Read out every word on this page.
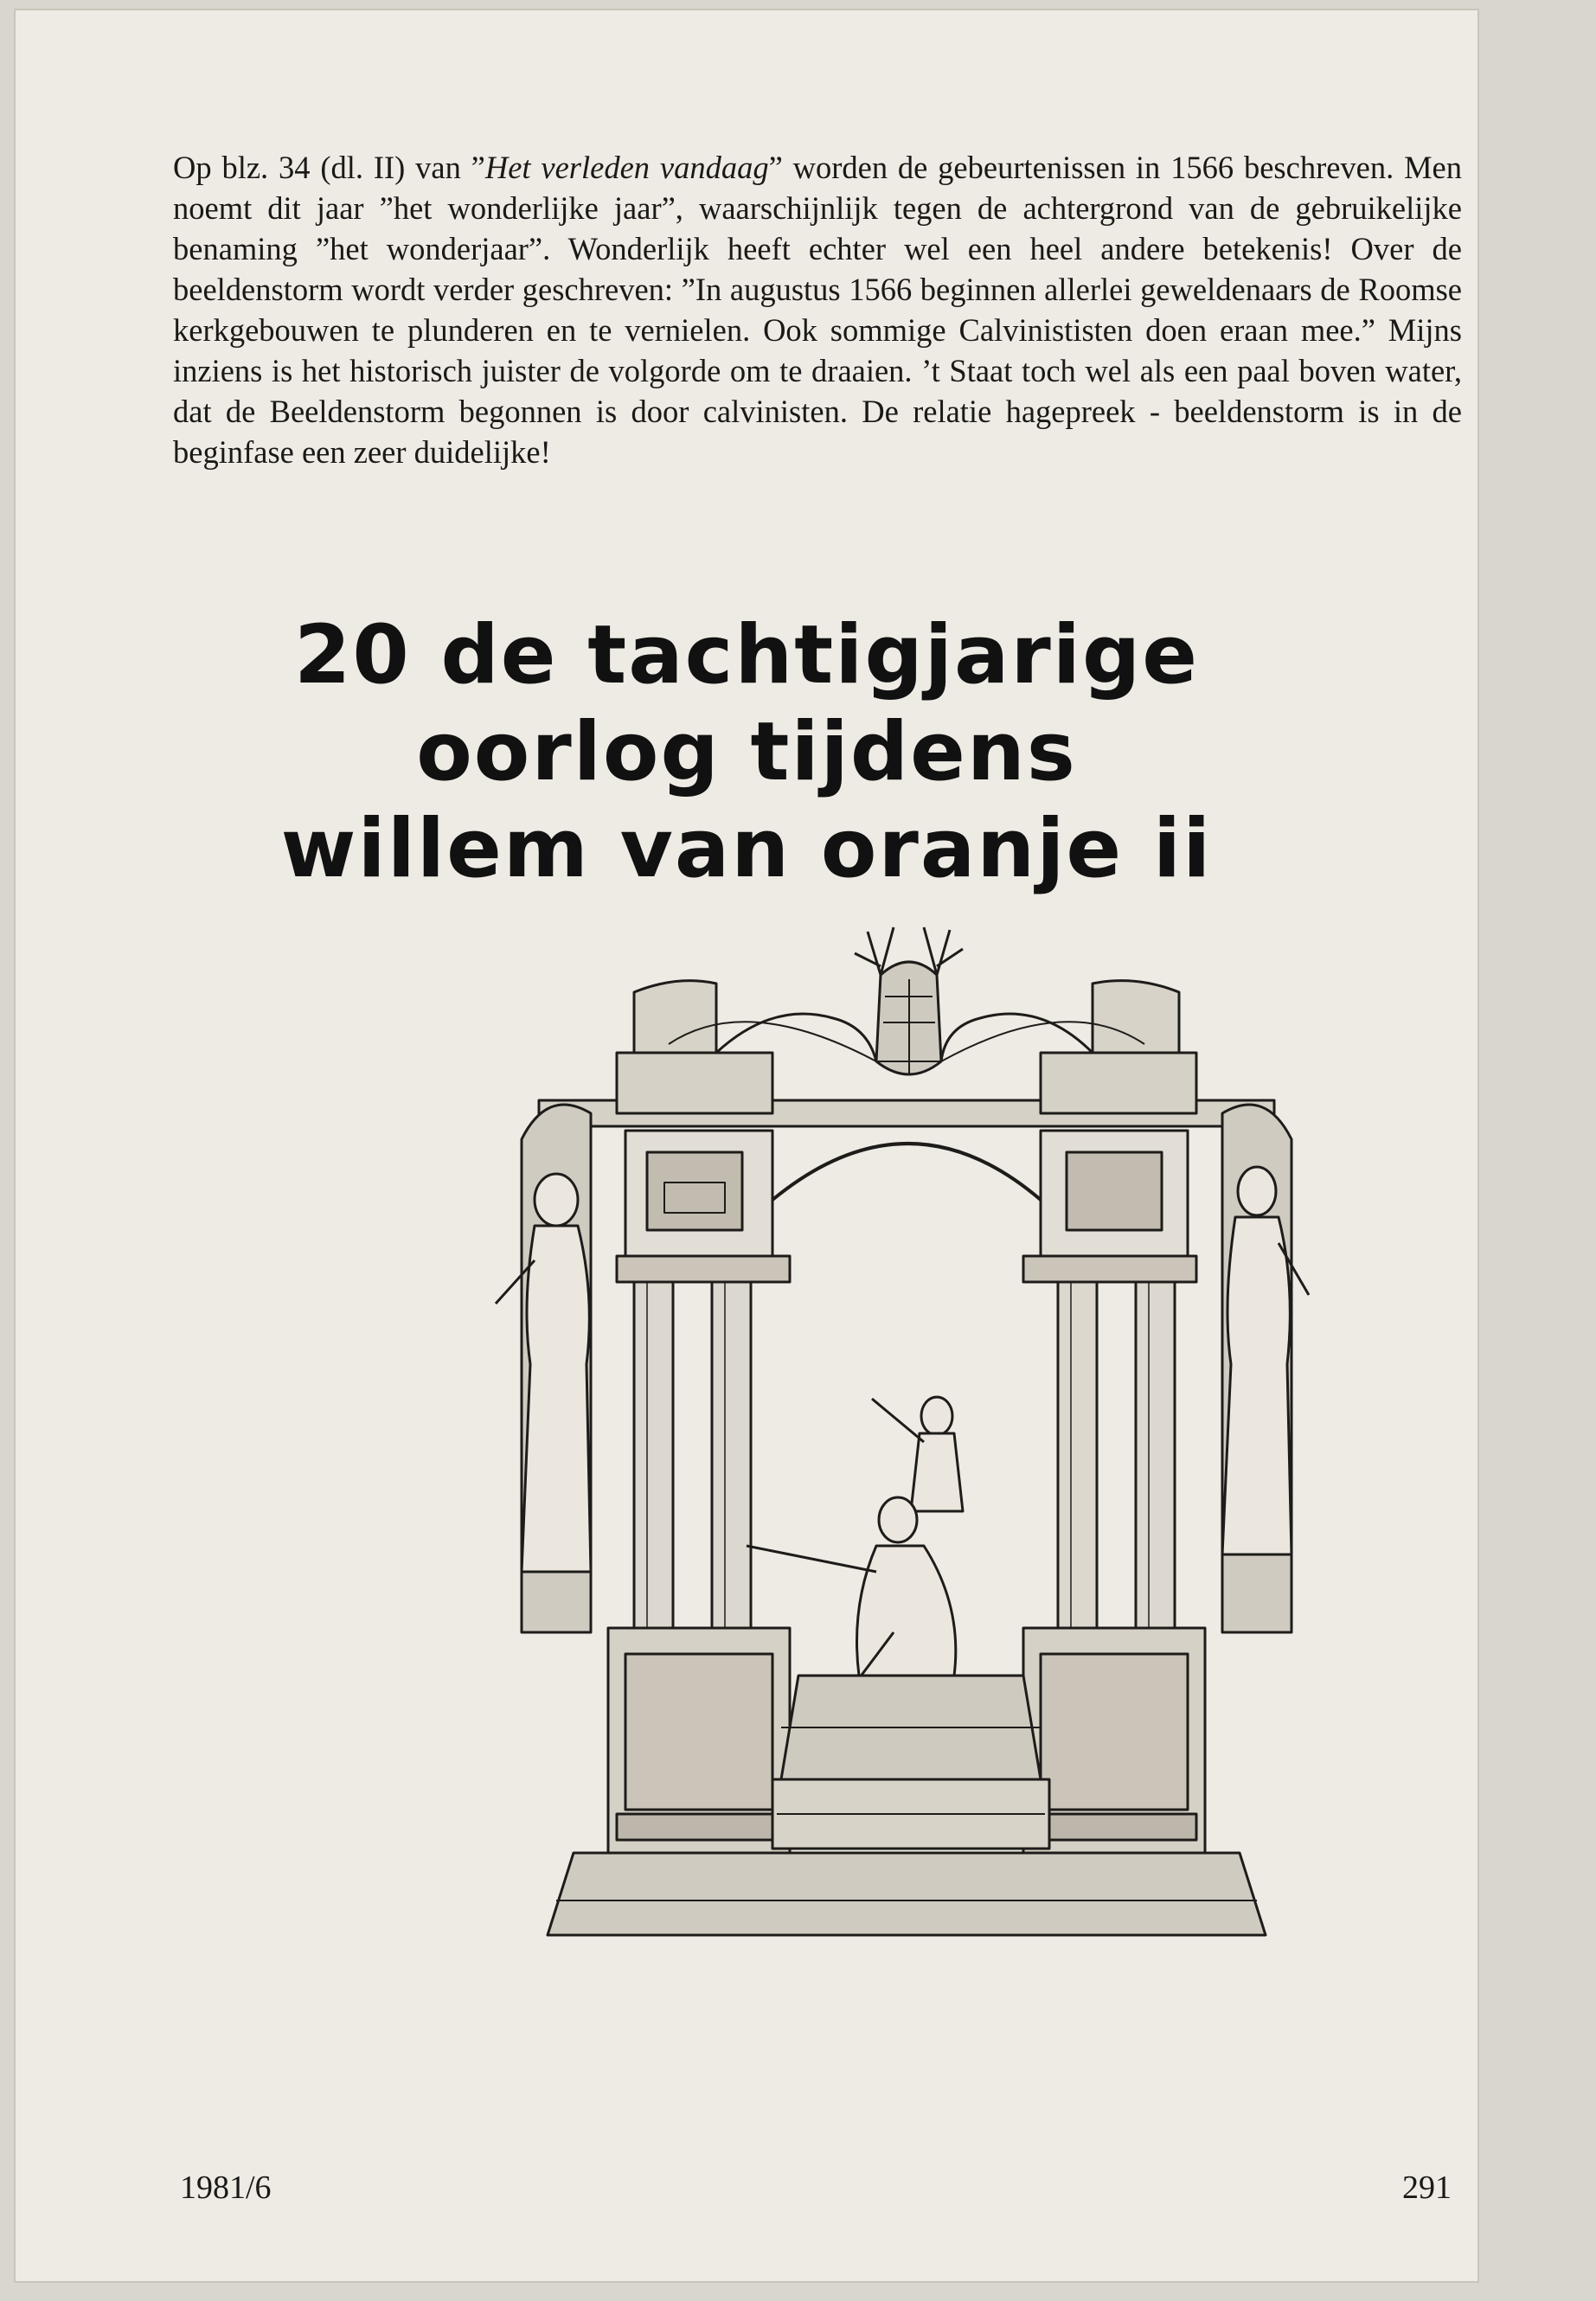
Op blz. 34 (dl. II) van ”Het verleden vandaag” worden de gebeurtenissen in 1566 beschreven. Men noemt dit jaar ”het wonderlijke jaar”, waarschijnlijk tegen de achtergrond van de gebruikelijke benaming ”het wonderjaar”. Wonderlijk heeft echter wel een heel andere betekenis! Over de beeldenstorm wordt verder geschreven: ”In augustus 1566 beginnen allerlei geweldenaars de Roomse kerkgebouwen te plunderen en te vernielen. Ook sommige Calvinististen doen eraan mee.” Mijns inziens is het historisch juister de volgorde om te draaien. ’t Staat toch wel als een paal boven water, dat de Beeldenstorm begonnen is door calvinisten. De relatie hagepreek - beeldenstorm is in de beginfase een zeer duidelijke!
20 de tachtigjarige
oorlog tijdens
willem van oranje ii
1981/6	291
